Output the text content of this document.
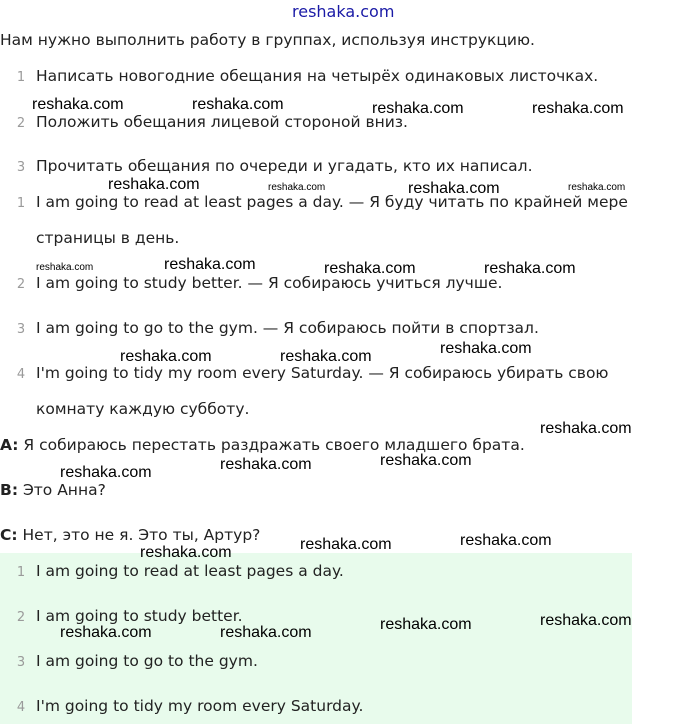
reshaka.com
Нам нужно выполнить работу в группах, используя инструкцию.
1 Написать новогодние обещания на четырёх одинаковых листочках.
2 Положить обещания лицевой стороной вниз.
3 Прочитать обещания по очереди и угадать, кто их написал.
1 I am going to read at least pages a day. — Я буду читать по крайней мере
страницы в день.
2 I am going to study better. — Я собираюсь учиться лучше.
3 I am going to go to the gym. — Я собираюсь пойти в спортзал.
4 I'm going to tidy my room every Saturday. — Я собираюсь убирать свою
комнату каждую субботу.
A: Я собираюсь перестать раздражать своего младшего брата.
B: Это Анна?
C: Нет, это не я. Это ты, Артур?
1 I am going to read at least pages a day.
2 I am going to study better.
3 I am going to go to the gym.
4 I'm going to tidy my room every Saturday.
reshaka.com	reshaka.com	reshaka.com	reshaka.com
reshaka.com	reshaka.com	reshaka.com	reshaka.com
reshaka.com	reshaka.com	reshaka.com	reshaka.com
reshaka.com	reshaka.com	reshaka.com
reshaka.com
reshaka.com	reshaka.com	reshaka.com
reshaka.com	reshaka.com	reshaka.com
reshaka.com	reshaka.com	reshaka.com	reshaka.com
